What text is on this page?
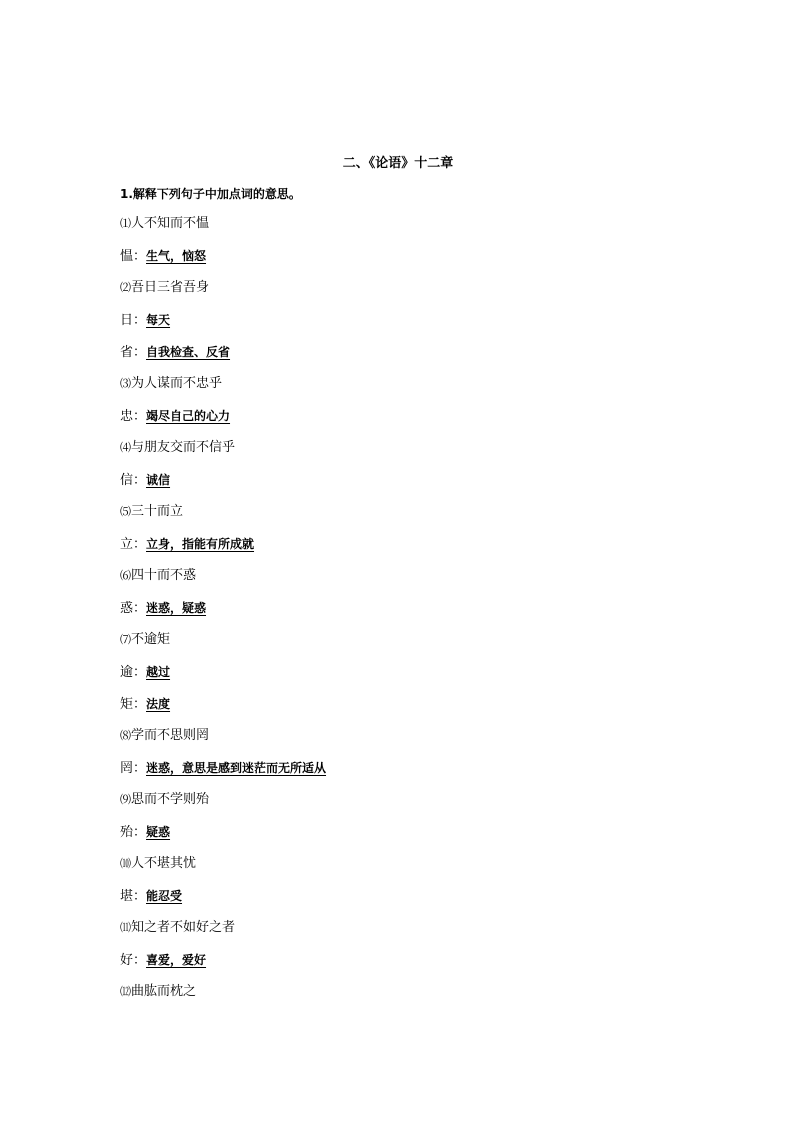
二、《论语》十二章
1.解释下列句子中加点词的意思。
⑴人不知而不愠
愠：生气，恼怒
⑵吾日三省吾身
日：每天
省：自我检查、反省
⑶为人谋而不忠乎
忠：竭尽自己的心力
⑷与朋友交而不信乎
信：诚信
⑸三十而立
立：立身，指能有所成就
⑹四十而不惑
惑：迷惑，疑惑
⑺不逾矩
逾：越过
矩：法度
⑻学而不思则罔
罔：迷惑，意思是感到迷茫而无所适从
⑼思而不学则殆
殆：疑惑
⑽人不堪其忧
堪：能忍受
⑾知之者不如好之者
好：喜爱，爱好
⑿曲肱而枕之
